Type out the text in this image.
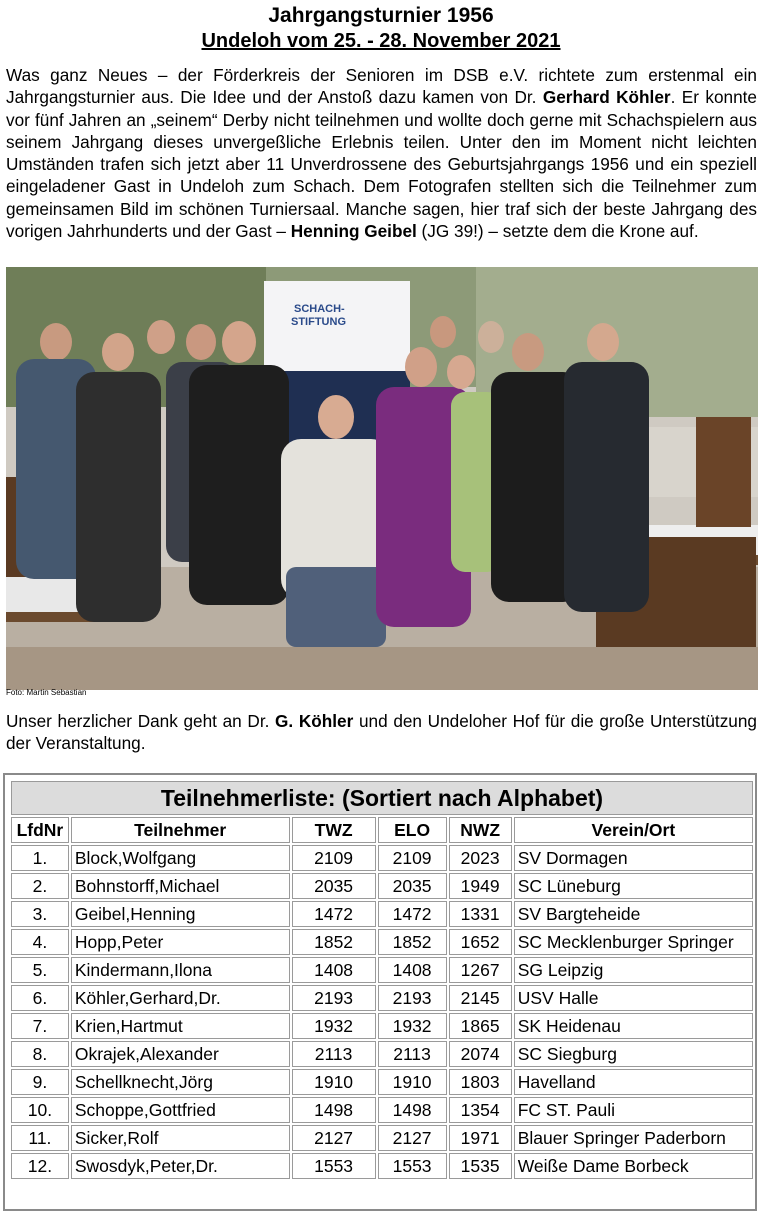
Jahrgangsturnier 1956
Undeloh vom 25. - 28. November 2021
Was ganz Neues – der Förderkreis der Senioren im DSB e.V. richtete zum erstenmal ein Jahrgangsturnier aus. Die Idee und der Anstoß dazu kamen von Dr. Gerhard Köhler. Er konnte vor fünf Jahren an „seinem“ Derby nicht teilnehmen und wollte doch gerne mit Schachspielern aus seinem Jahrgang dieses unvergeßliche Erlebnis teilen. Unter den im Moment nicht leichten Umständen trafen sich jetzt aber 11 Unverdrossene des Geburtsjahrgangs 1956 und ein speziell eingeladener Gast in Undeloh zum Schach. Dem Fotografen stellten sich die Teilnehmer zum gemeinsamen Bild im schönen Turniersaal. Manche sagen, hier traf sich der beste Jahrgang des vorigen Jahrhunderts und der Gast – Henning Geibel (JG 39!) – setzte dem die Krone auf.
SCHACH-
STIFTUNG
Foto: Martin Sebastian
Unser herzlicher Dank geht an Dr. G. Köhler und den Undeloher Hof für die große Unterstützung der Veranstaltung.
Teilnehmerliste: (Sortiert nach Alphabet)					
LfdNr	Teilnehmer	TWZ	ELO	NWZ	Verein/Ort
1.	Block,Wolfgang	2109	2109	2023	SV Dormagen
2.	Bohnstorff,Michael	2035	2035	1949	SC Lüneburg
3.	Geibel,Henning	1472	1472	1331	SV Bargteheide
4.	Hopp,Peter	1852	1852	1652	SC Mecklenburger Springer
5.	Kindermann,Ilona	1408	1408	1267	SG Leipzig
6.	Köhler,Gerhard,Dr.	2193	2193	2145	USV Halle
7.	Krien,Hartmut	1932	1932	1865	SK Heidenau
8.	Okrajek,Alexander	2113	2113	2074	SC Siegburg
9.	Schellknecht,Jörg	1910	1910	1803	Havelland
10.	Schoppe,Gottfried	1498	1498	1354	FC ST. Pauli
11.	Sicker,Rolf	2127	2127	1971	Blauer Springer Paderborn
12.	Swosdyk,Peter,Dr.	1553	1553	1535	Weiße Dame Borbeck
